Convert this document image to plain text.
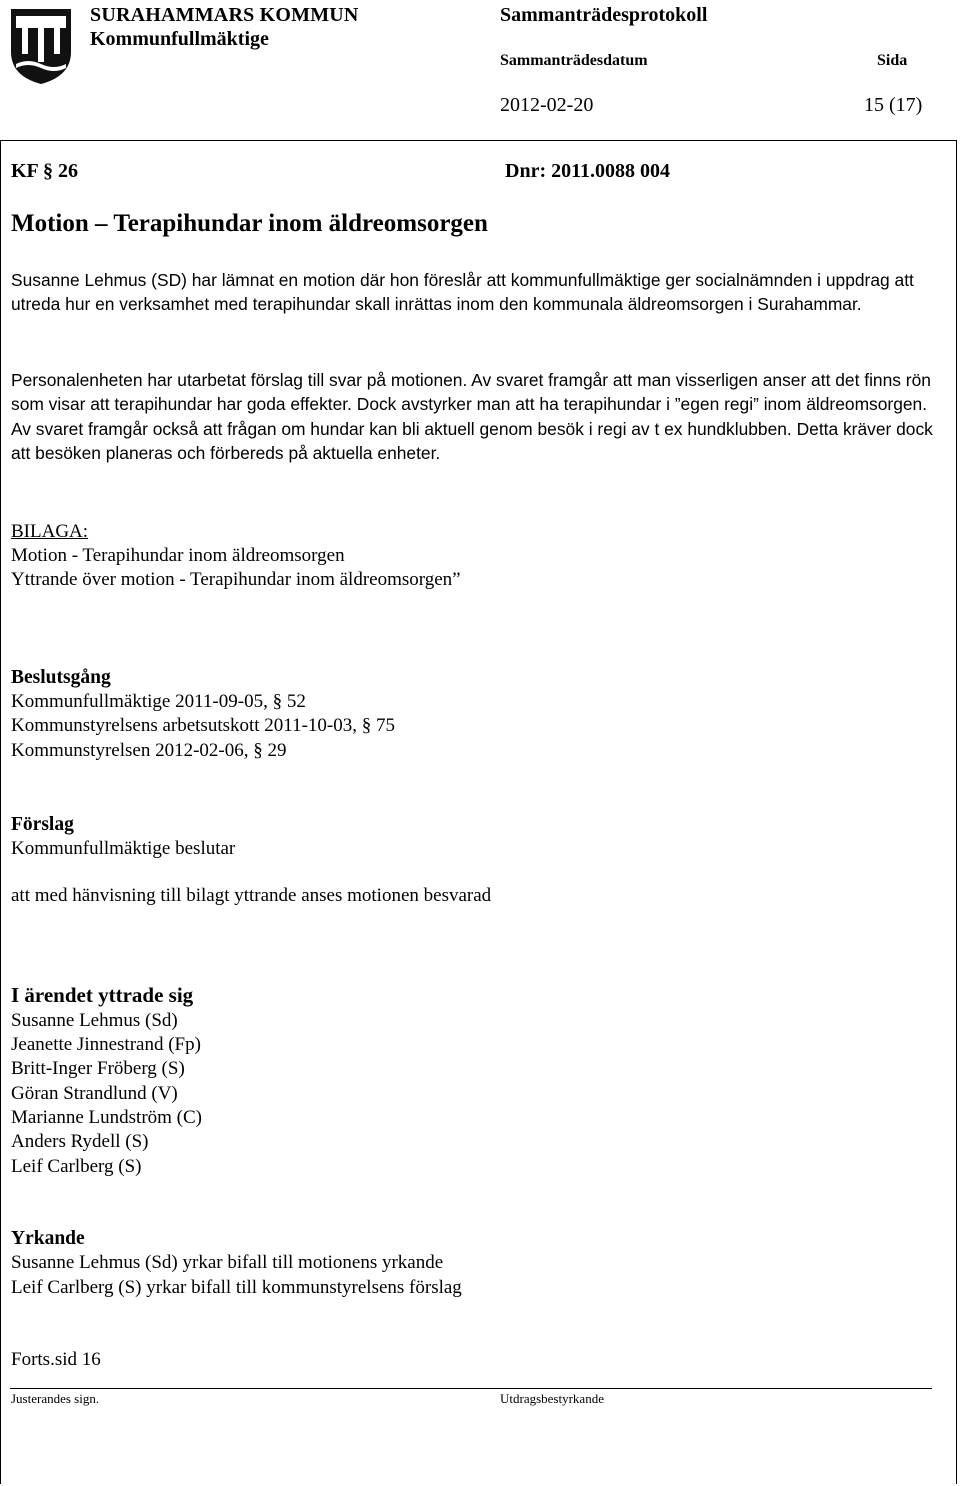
SURAHAMMARS KOMMUN
Kommunfullmäktige
Sammanträdesprotokoll
Sammanträdesdatum	Sida
2012-02-20	15 (17)
KF § 26	Dnr: 2011.0088 004
Motion – Terapihundar inom äldreomsorgen
Susanne Lehmus (SD) har lämnat en motion där hon föreslår att kommunfullmäktige ger socialnämnden i uppdrag att utreda hur en verksamhet med terapihundar skall inrättas inom den kommunala äldreomsorgen i Surahammar.
Personalenheten har utarbetat förslag till svar på motionen. Av svaret framgår att man visserligen anser att det finns rön som visar att terapihundar har goda effekter. Dock avstyrker man att ha terapihundar i ”egen regi” inom äldreomsorgen. Av svaret framgår också att frågan om hundar kan bli aktuell genom besök i regi av t ex hundklubben. Detta kräver dock att besöken planeras och förbereds på aktuella enheter.
BILAGA:
Motion - Terapihundar inom äldreomsorgen
Yttrande över motion - Terapihundar inom äldreomsorgen”
Beslutsgång
Kommunfullmäktige 2011-09-05, § 52
Kommunstyrelsens arbetsutskott 2011-10-03, § 75
Kommunstyrelsen 2012-02-06, § 29
Förslag
Kommunfullmäktige beslutar
att med hänvisning till bilagt yttrande anses motionen besvarad
I ärendet yttrade sig
Susanne Lehmus (Sd)
Jeanette Jinnestrand (Fp)
Britt-Inger Fröberg (S)
Göran Strandlund (V)
Marianne Lundström (C)
Anders Rydell (S)
Leif Carlberg (S)
Yrkande
Susanne Lehmus (Sd) yrkar bifall till motionens yrkande
Leif Carlberg (S) yrkar bifall till kommunstyrelsens förslag
Forts.sid 16
Justerandes sign.	Utdragsbestyrkande
